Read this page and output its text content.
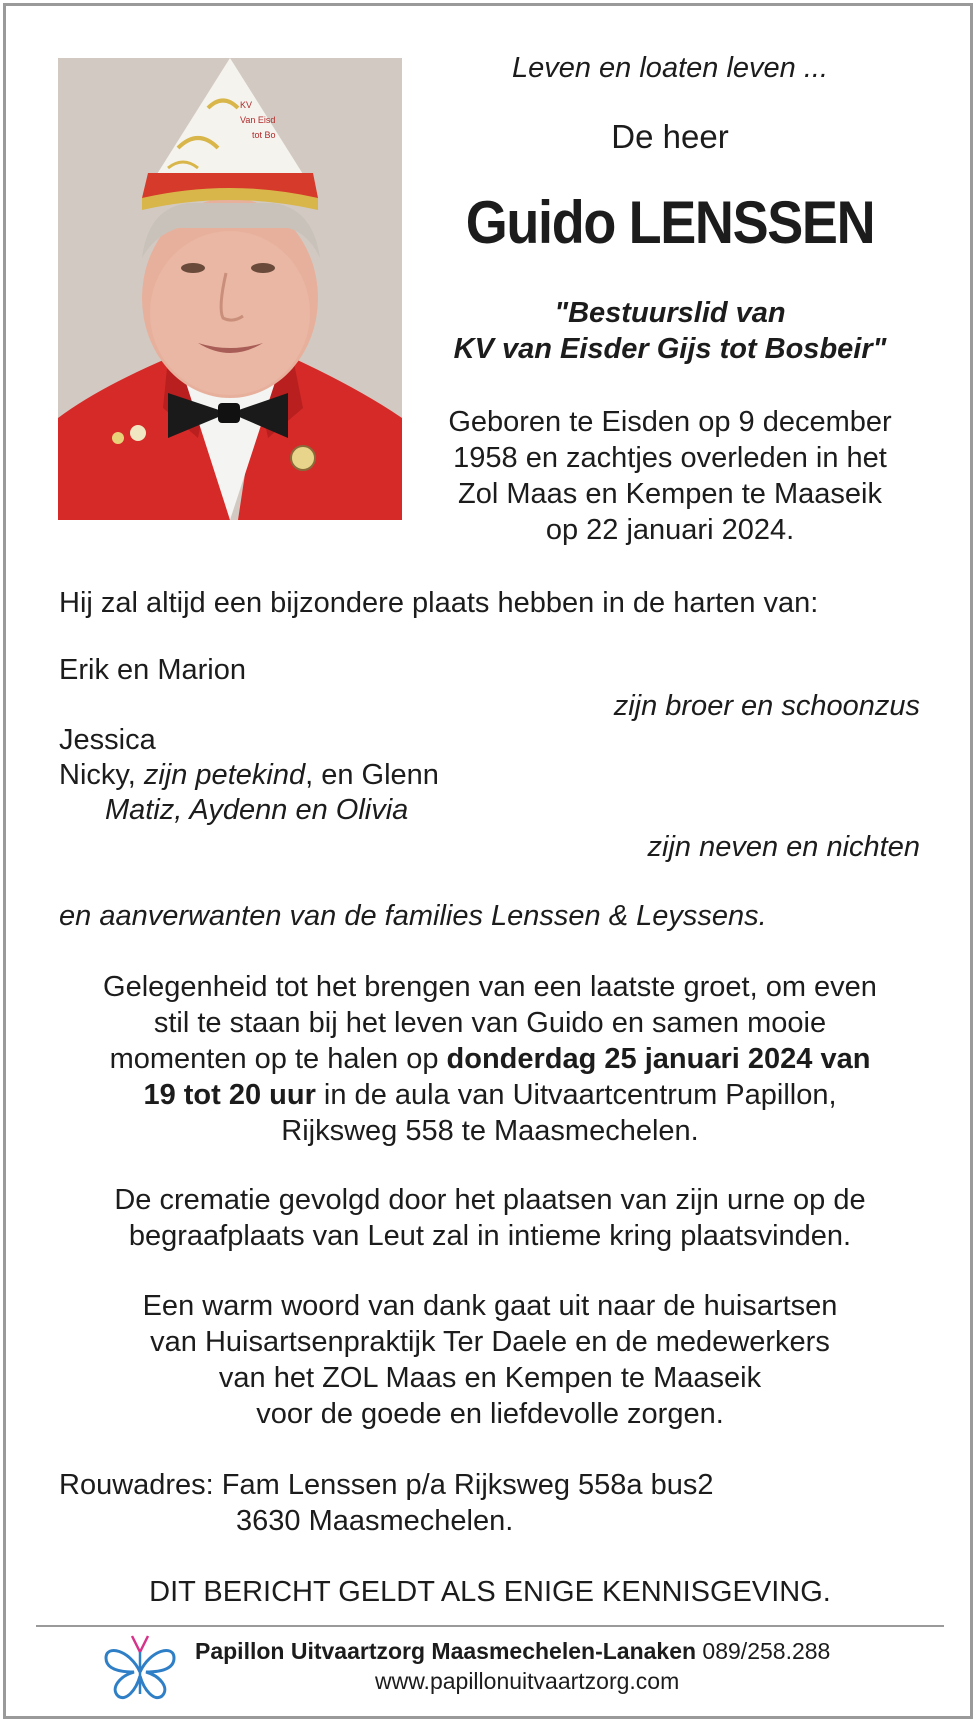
KV
Van Eisd
tot Bo
Leven en loaten leven ...
De heer
Guido LENSSEN
"Bestuurslid van
KV van Eisder Gijs tot Bosbeir"
Geboren te Eisden op 9 december
1958 en zachtjes overleden in het
Zol Maas en Kempen te Maaseik
op 22 januari 2024.
Hij zal altijd een bijzondere plaats hebben in de harten van:
Erik en Marion
zijn broer en schoonzus
Jessica
Nicky, zijn petekind, en Glenn
Matiz, Aydenn en Olivia
zijn neven en nichten
en aanverwanten van de families Lenssen & Leyssens.
Gelegenheid tot het brengen van een laatste groet, om even
stil te staan bij het leven van Guido en samen mooie
momenten op te halen op donderdag 25 januari 2024 van
19 tot 20 uur in de aula van Uitvaartcentrum Papillon,
Rijksweg 558 te Maasmechelen.
De crematie gevolgd door het plaatsen van zijn urne op de
begraafplaats van Leut zal in intieme kring plaatsvinden.
Een warm woord van dank gaat uit naar de huisartsen
van Huisartsenpraktijk Ter Daele en de medewerkers
van het ZOL Maas en Kempen te Maaseik
voor de goede en liefdevolle zorgen.
Rouwadres: Fam Lenssen p/a Rijksweg 558a bus2
3630 Maasmechelen.
DIT BERICHT GELDT ALS ENIGE KENNISGEVING.
Papillon Uitvaartzorg Maasmechelen-Lanaken 089/258.288
www.papillonuitvaartzorg.com
